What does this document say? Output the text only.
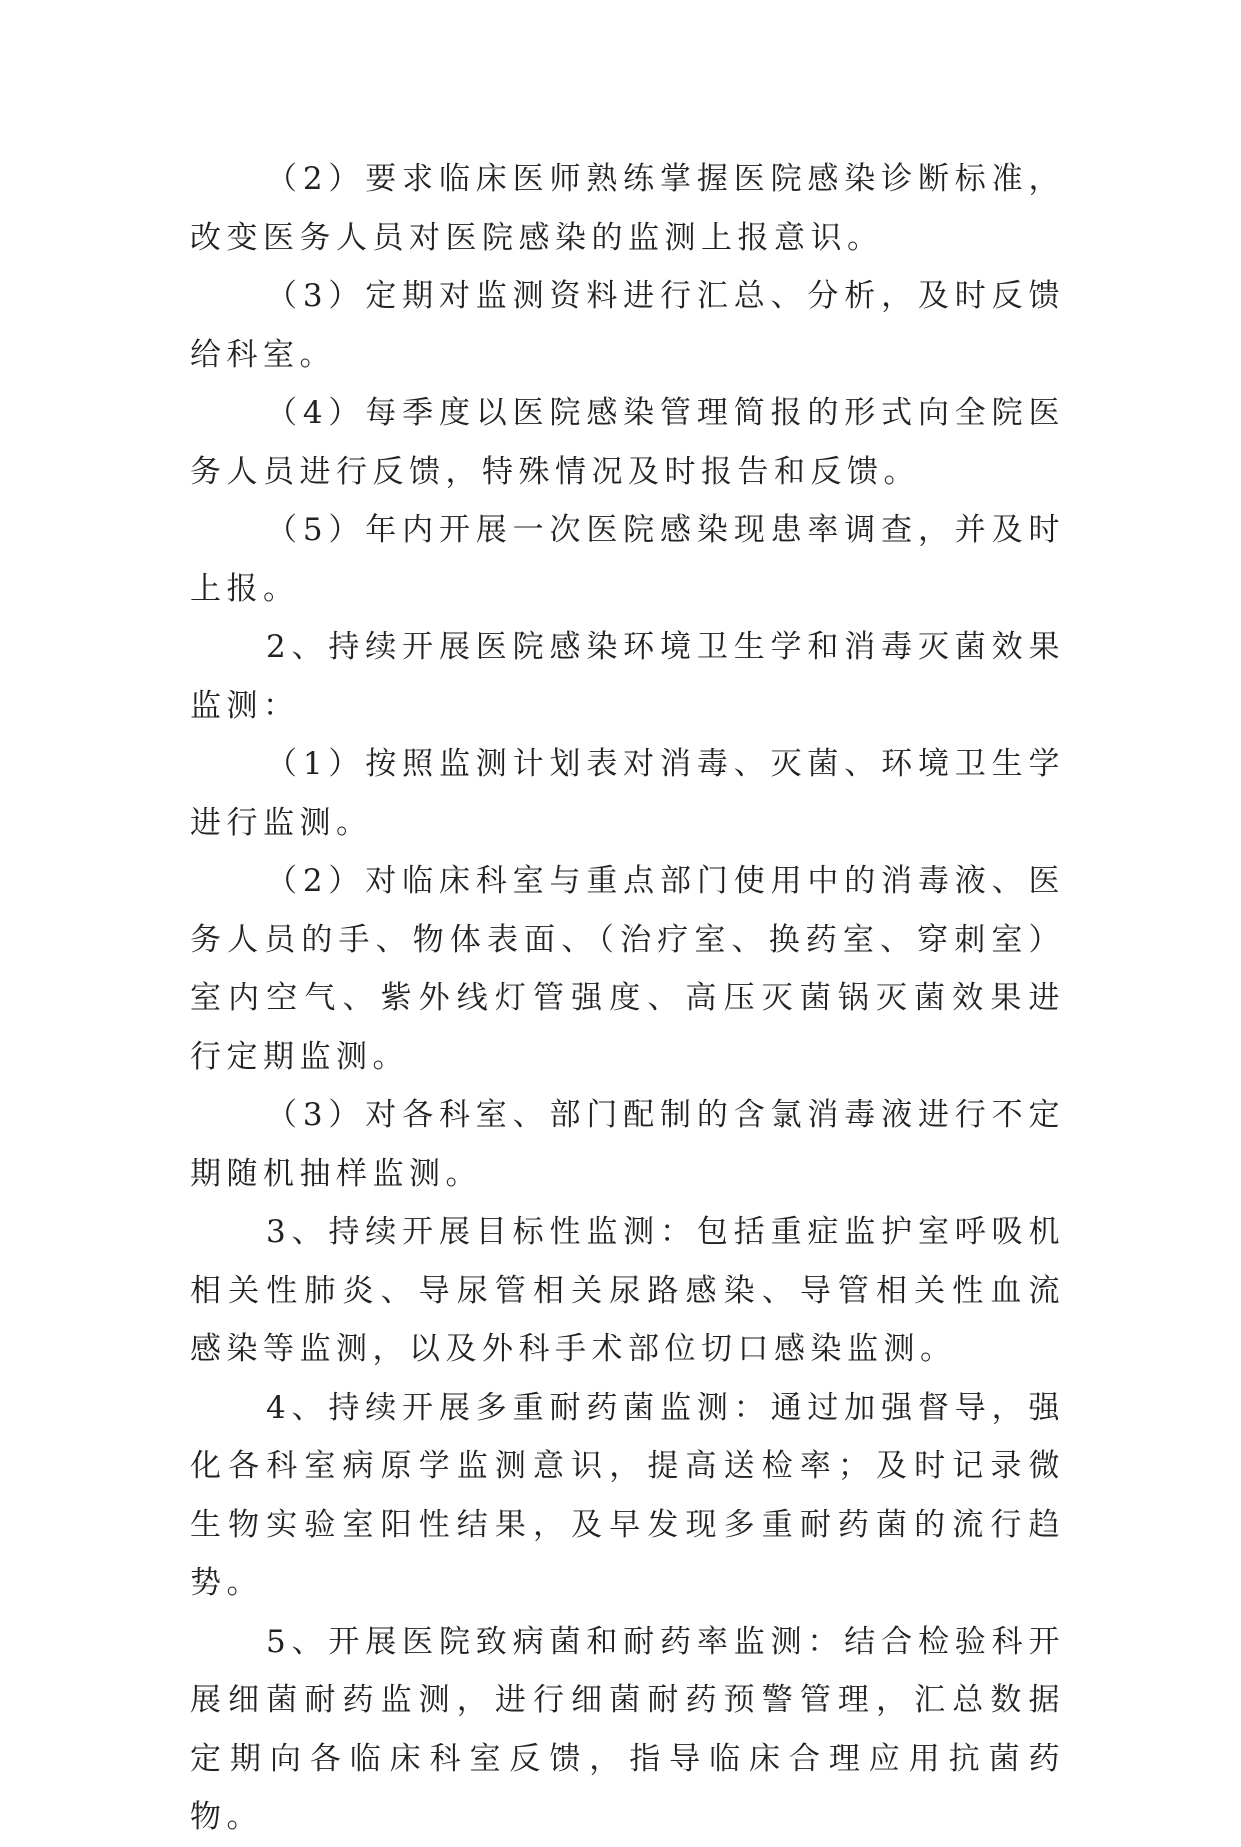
（2）要求临床医师熟练掌握医院感染诊断标准，改变医务人员对医院感染的监测上报意识。

（3）定期对监测资料进行汇总、分析，及时反馈给科室。

（4）每季度以医院感染管理简报的形式向全院医务人员进行反馈，特殊情况及时报告和反馈。

（5）年内开展一次医院感染现患率调查，并及时上报。

2、持续开展医院感染环境卫生学和消毒灭菌效果监测：

（1）按照监测计划表对消毒、灭菌、环境卫生学进行监测。

（2）对临床科室与重点部门使用中的消毒液、医务人员的手、物体表面、（治疗室、换药室、穿刺室）室内空气、紫外线灯管强度、高压灭菌锅灭菌效果进行定期监测。

（3）对各科室、部门配制的含氯消毒液进行不定期随机抽样监测。

3、持续开展目标性监测：包括重症监护室呼吸机相关性肺炎、导尿管相关尿路感染、导管相关性血流感染等监测，以及外科手术部位切口感染监测。

4、持续开展多重耐药菌监测：通过加强督导，强化各科室病原学监测意识，提高送检率；及时记录微生物实验室阳性结果，及早发现多重耐药菌的流行趋势。

5、开展医院致病菌和耐药率监测：结合检验科开展细菌耐药监测，进行细菌耐药预警管理，汇总数据定期向各临床科室反馈，指导临床合理应用抗菌药物。
